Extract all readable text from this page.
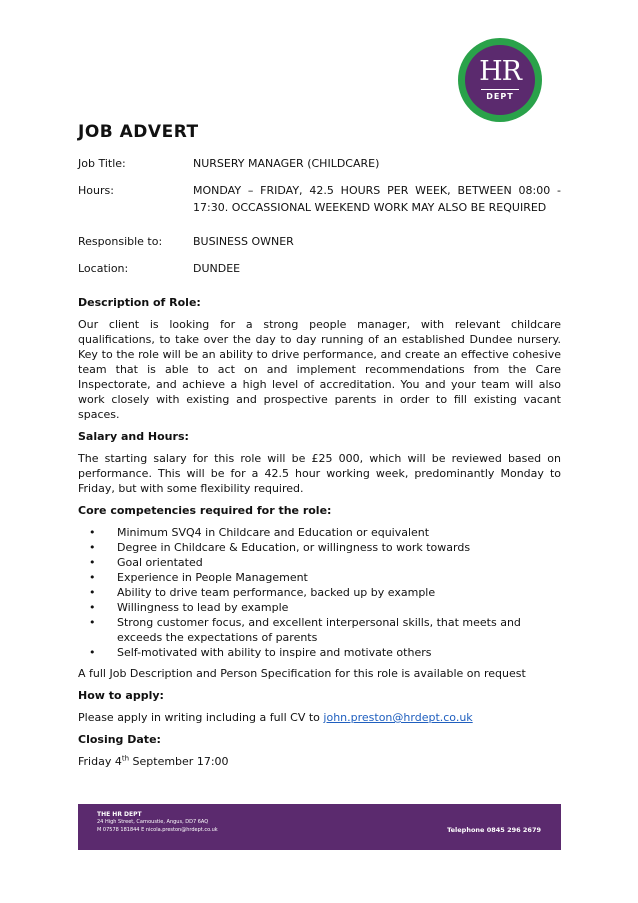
HR
DEPT
JOB ADVERT
Job Title:	NURSERY MANAGER (CHILDCARE)
Hours:	MONDAY – FRIDAY, 42.5 HOURS PER WEEK, BETWEEN 08:00 - 17:30. OCCASSIONAL WEEKEND WORK MAY ALSO BE REQUIRED
Responsible to:	BUSINESS OWNER
Location:	DUNDEE
Description of Role:

Our client is looking for a strong people manager, with relevant childcare qualifications, to take over the day to day running of an established Dundee nursery. Key to the role will be an ability to drive performance, and create an effective cohesive team that is able to act on and implement recommendations from the Care Inspectorate, and achieve a high level of accreditation. You and your team will also work closely with existing and prospective parents in order to fill existing vacant spaces.

Salary and Hours:

The starting salary for this role will be £25 000, which will be reviewed based on performance. This will be for a 42.5 hour working week, predominantly Monday to Friday, but with some flexibility required.

Core competencies required for the role:
• Minimum SVQ4 in Childcare and Education or equivalent
• Degree in Childcare & Education, or willingness to work towards
• Goal orientated
• Experience in People Management
• Ability to drive team performance, backed up by example
• Willingness to lead by example
• Strong customer focus, and excellent interpersonal skills, that meets and exceeds the expectations of parents
• Self-motivated with ability to inspire and motivate others

A full Job Description and Person Specification for this role is available on request

How to apply:

Please apply in writing including a full CV to john.preston@hrdept.co.uk

Closing Date:

Friday 4th September 17:00

THE HR DEPT
24 High Street, Carnoustie, Angus, DD7 6AQ
M 07578 181844 E nicola.preston@hrdept.co.uk	Telephone 0845 296 2679
